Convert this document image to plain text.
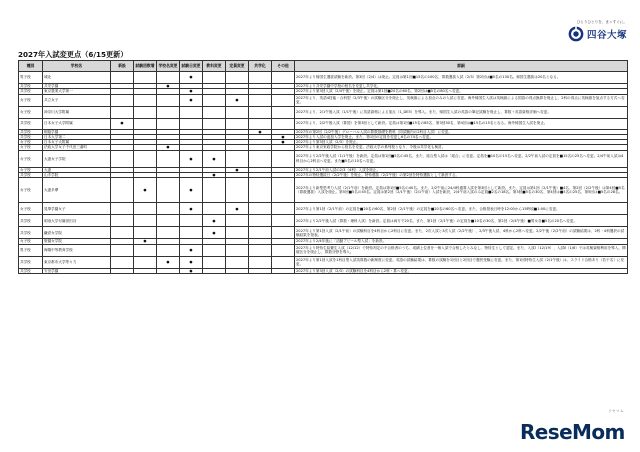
2027年入試変更点（6/15更新）
ひとりひとりを、まっすぐに。
四谷大塚
種別	学校名	新設	試験回数増	学校名変更	試験日変更	教科変更	定員変更	共学化	その他	詳細
男子校	城北				●					2027年より帰国生選抜試験を新設。第3回（2/4）は廃止。定員は第1回■15名の100名、算数選抜入試（2/3）第2回は■5名の130名。帰国生選抜は20名となる。
共学校	共栄学園			●						2027年より共栄学園中学校の校名を変更し共学化。
共学校	東京農業大学第一				●					2027年より第3回入試（2/4午後）を廃止。定員は第1回■20名の60名、第2回は■5名の80名へ変更。
女子校	共立女子				●		●			2027年より、英語4技能・合科型（2/3午後）の試験区分を廃止し、英検級による加点のみの入試に変更。海外帰国生入試は英検級による国語の得点換算を廃止し、2科の得点に英検級を加点する方式へ変更。
女子校	神奈川大学附属									2027年より、2/1午後入試（1/1午後）に英語資格による加点（1_DE5）を導入。また、帰国生入試の英語の筆記試験を廃止し、算数＋英語資格評価へ変更。
共学校	日本女子大学附属	●								2027年より、2/2午後入試（算国）を第3回として新設。定員は第1回■15名の85名、第3回30名、第4回は■15名の15名となる。海外帰国生入試を廃止。
共学校	桐蔭学園							●		2027年の第2回（2/2午後）グローバル入試の算数基礎を教科（同試験内の2科目入試）に変更。
共学校	日本大学第二								●	2027年より入試の追加入学を廃止。また、第1回の定員を変更し6名の74名へ変更。
女子校	日本女子大附属								●	2027年より第3回入試（2/3）を廃止。
女子校	法政大学女子千代田三番町			●						2027年より東京家政学院から校名を変更。法政大学の系列校となり、今後は共学化も検討。
女子校	大妻女子学院				●	●				2027年より2/2午後入試（1/1午後）を新設。定員は第1回■5名の45名、また、総合型入試は「総合」に変更。定員を■10名の15名へ変更。2/2午前入試の定員を■15名の25名へ変更。2/4午前入試は4科目から2科目へ変更。また■5名の10名へ変更。
女子校	大妻						●			2027年より2/1午前入試の2/3（4科）入試を廃止。
共学校	山手学院					●				2027年の特待選抜日（2/2午後）を廃止。特待選抜（2/2午後）の第2回を特待選抜として新設する。
女子校	大妻多摩		●		●					2027年より新型思考力入試（2/1午前）を新設。定員は第1回■5名の40名。また、2/2午前に24/4科通算入試を第3回として新設。また、定員は第1回（2/1午後）■4名、第2回（2/2午後）は第4回■5名（算数選抜）入試を廃止。第5回■5名の45名。定員は第2回（2/1午後）（2/1午前）入試を新設、2/4午前入試のみ定員■2名の18名。第3回■5名の30名、第4回は■5名の25名、第5回は■5名の28名。
女子校	晃華学園女子				●		●			2027年より第1回（2/1午前）の定員を■20名の60名、第2回（2/1午後）の定員を■20名の60名へ変更。また、合格発表日時を12:00から15時頃■1:00に変更。
共学校	明治大学付属世田谷					●				2027年より2/2午後入試（算数・理科入試）を新設。定員は両方で20名、また、第1回（2/1午後）の定員を■10名の30名、第2回（2/4午後）■男女各■5名の20名へ変更。
共学校	鎌倉女学院					●				2027年より第1回入試（2/1午前）の試験科目を4科目から2科目に変更。また、2次入試と3次入試（2/2午後）、2/3午後入試、4科から2科へ変更。2/2午後（2/2午前）の試験結果は、2科・4科選択の試験結果を発表。
女子校	聖園女学院		●							2027年より2/4年後に「活動アピール型入試」を新設。
男子校	海陽中等教育学校				●					2027年より特待生給費生入試（12/12）で特待判定の不合格者のうち、成績上位者を一般入試で合格したとみなし、特待生として認定。また、入試Ⅰ（12/19）、入試Ⅱ（1/6）では英検資格利用を導入。開催区分を廃止し、算数分野を導入。
共学校	東京都市大学等々力			●	●					2027年より第1回入試を1科目型入試英算数の新制度に変更。英語の試験結果は、算数の試験を1回目と2回目で選択受験に変更。また、第1回特待生入試（2/1午後）は、スライド合格あり（若干名）に変更。
共学校	安田学園				●					2027年より第3回入試（2/3）の試験科目を4科目から2科・算へ変更。
リセマム
ReseMom
